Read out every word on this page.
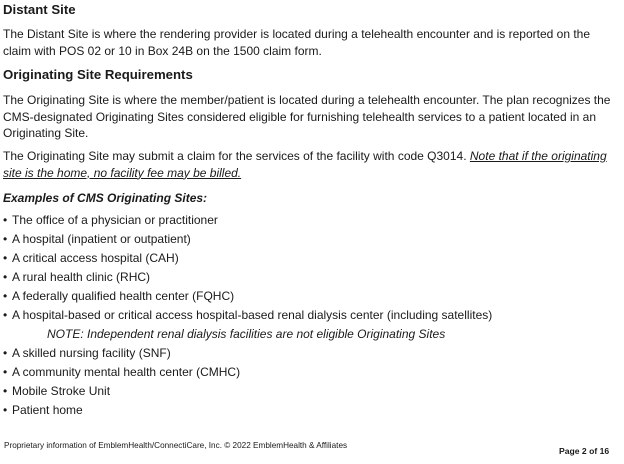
Distant Site

The Distant Site is where the rendering provider is located during a telehealth encounter and is reported on the claim with POS 02 or 10 in Box 24B on the 1500 claim form.

Originating Site Requirements

The Originating Site is where the member/patient is located during a telehealth encounter. The plan recognizes the CMS-designated Originating Sites considered eligible for furnishing telehealth services to a patient located in an Originating Site.

The Originating Site may submit a claim for the services of the facility with code Q3014. Note that if the originating site is the home, no facility fee may be billed.

Examples of CMS Originating Sites:
• The office of a physician or practitioner
• A hospital (inpatient or outpatient)
• A critical access hospital (CAH)
• A rural health clinic (RHC)
• A federally qualified health center (FQHC)
• A hospital-based or critical access hospital-based renal dialysis center (including satellites)
NOTE: Independent renal dialysis facilities are not eligible Originating Sites
• A skilled nursing facility (SNF)
• A community mental health center (CMHC)
• Mobile Stroke Unit
• Patient home
Proprietary information of EmblemHealth/ConnectiCare, Inc. © 2022 EmblemHealth & Affiliates
Page 2 of 16
